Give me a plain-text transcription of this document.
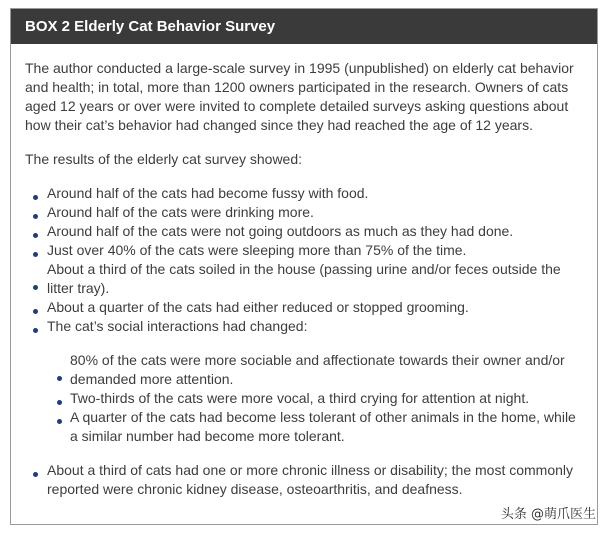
BOX 2 Elderly Cat Behavior Survey

The author conducted a large-scale survey in 1995 (unpublished) on elderly cat behavior and health; in total, more than 1200 owners participated in the research. Owners of cats aged 12 years or over were invited to complete detailed surveys asking questions about how their cat’s behavior had changed since they had reached the age of 12 years.

The results of the elderly cat survey showed:

Around half of the cats had become fussy with food.
Around half of the cats were drinking more.
Around half of the cats were not going outdoors as much as they had done.
Just over 40% of the cats were sleeping more than 75% of the time.
About a third of the cats soiled in the house (passing urine and/or feces outside the litter tray).
About a quarter of the cats had either reduced or stopped grooming.
The cat’s social interactions had changed:
80% of the cats were more sociable and affectionate towards their owner and/or demanded more attention.
Two-thirds of the cats were more vocal, a third crying for attention at night.
A quarter of the cats had become less tolerant of other animals in the home, while a similar number had become more tolerant.
About a third of cats had one or more chronic illness or disability; the most commonly reported were chronic kidney disease, osteoarthritis, and deafness.
头条 @萌爪医生
